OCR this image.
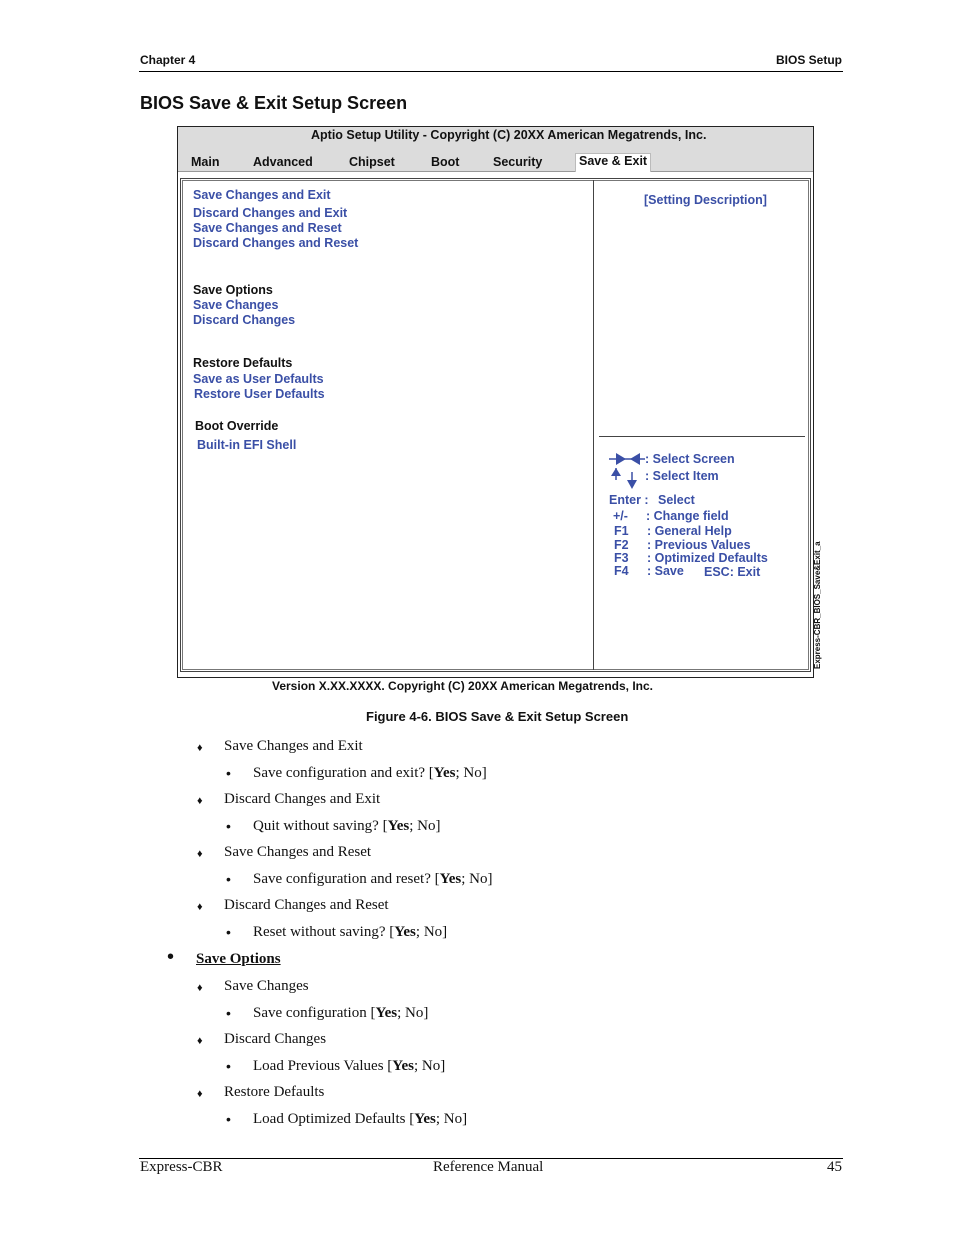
Chapter 4	BIOS Setup
BIOS Save & Exit Setup Screen
Aptio Setup Utility - Copyright (C) 20XX American Megatrends, Inc.
Main	Advanced	Chipset	Boot	Security	Save & Exit
Save Changes and Exit
Discard Changes and Exit
Save Changes and Reset
Discard Changes and Reset
Save Options
Save Changes
Discard Changes
Restore Defaults
Save as User Defaults
Restore User Defaults
Boot Override
Built-in EFI Shell
[Setting Description]
: Select Screen
: Select Item
Enter : Select
+/- : Change field
F1 : General Help
F2 : Previous Values
F3 : Optimized Defaults
F4 : Save ESC: Exit	Express-CBR_BIOS_Save&Exit_a
Version X.XX.XXXX. Copyright (C) 20XX American Megatrends, Inc.
Figure 4-6. BIOS Save & Exit Setup Screen
♦ Save Changes and Exit
• Save configuration and exit? [Yes; No]
♦ Discard Changes and Exit
• Quit without saving? [Yes; No]
♦ Save Changes and Reset
• Save configuration and reset? [Yes; No]
♦ Discard Changes and Reset
• Reset without saving? [Yes; No]
• Save Options
♦ Save Changes
• Save configuration [Yes; No]
♦ Discard Changes
• Load Previous Values [Yes; No]
♦ Restore Defaults
• Load Optimized Defaults [Yes; No]
Express-CBR	Reference Manual	45
